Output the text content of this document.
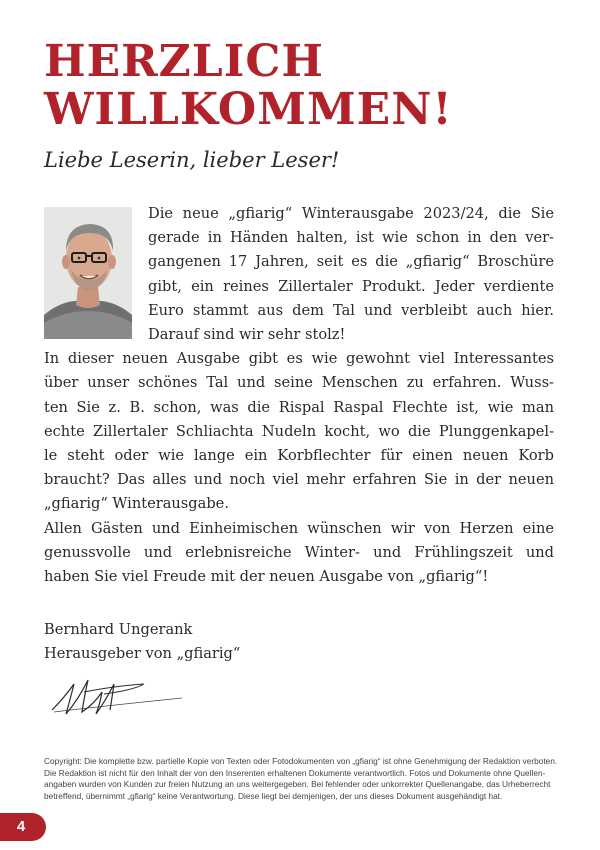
HERZLICH
WILLKOMMEN!

Liebe Leserin, lieber Leser!

Die neue „gfiarig“ Winterausgabe 2023/24, die Sie
gerade in Händen halten, ist wie schon in den ver-
gangenen 17 Jahren, seit es die „gfiarig“ Broschüre
gibt, ein reines Zillertaler Produkt. Jeder verdiente
Euro stammt aus dem Tal und verbleibt auch hier.
Darauf sind wir sehr stolz!

In dieser neuen Ausgabe gibt es wie gewohnt viel Interessantes
über unser schönes Tal und seine Menschen zu erfahren. Wuss-
ten Sie z. B. schon, was die Rispal Raspal Flechte ist, wie man
echte Zillertaler Schliachta Nudeln kocht, wo die Plunggenkapel-
le steht oder wie lange ein Korbflechter für einen neuen Korb
braucht? Das alles und noch viel mehr erfahren Sie in der neuen
„gfiarig“ Winterausgabe.

Allen Gästen und Einheimischen wünschen wir von Herzen eine
genussvolle und erlebnisreiche Winter- und Frühlingszeit und
haben Sie viel Freude mit der neuen Ausgabe von „gfiarig“!

Bernhard Ungerank
Herausgeber von „gfiarig“
Copyright: Die komplette bzw. partielle Kopie von Texten oder Fotodokumenten von „gfiarig“ ist ohne Genehmigung der Redaktion verboten.
Die Redaktion ist nicht für den Inhalt der von den Inserenten erhaltenen Dokumente verantwortlich. Fotos und Dokumente ohne Quellen-
angaben wurden von Kunden zur freien Nutzung an uns weitergegeben. Bei fehlender oder unkorrekter Quellenangabe, das Urheberrecht
betreffend, übernimmt „gfiarig“ keine Verantwortung. Diese liegt bei demjenigen, der uns dieses Dokument ausgehändigt hat.
4
